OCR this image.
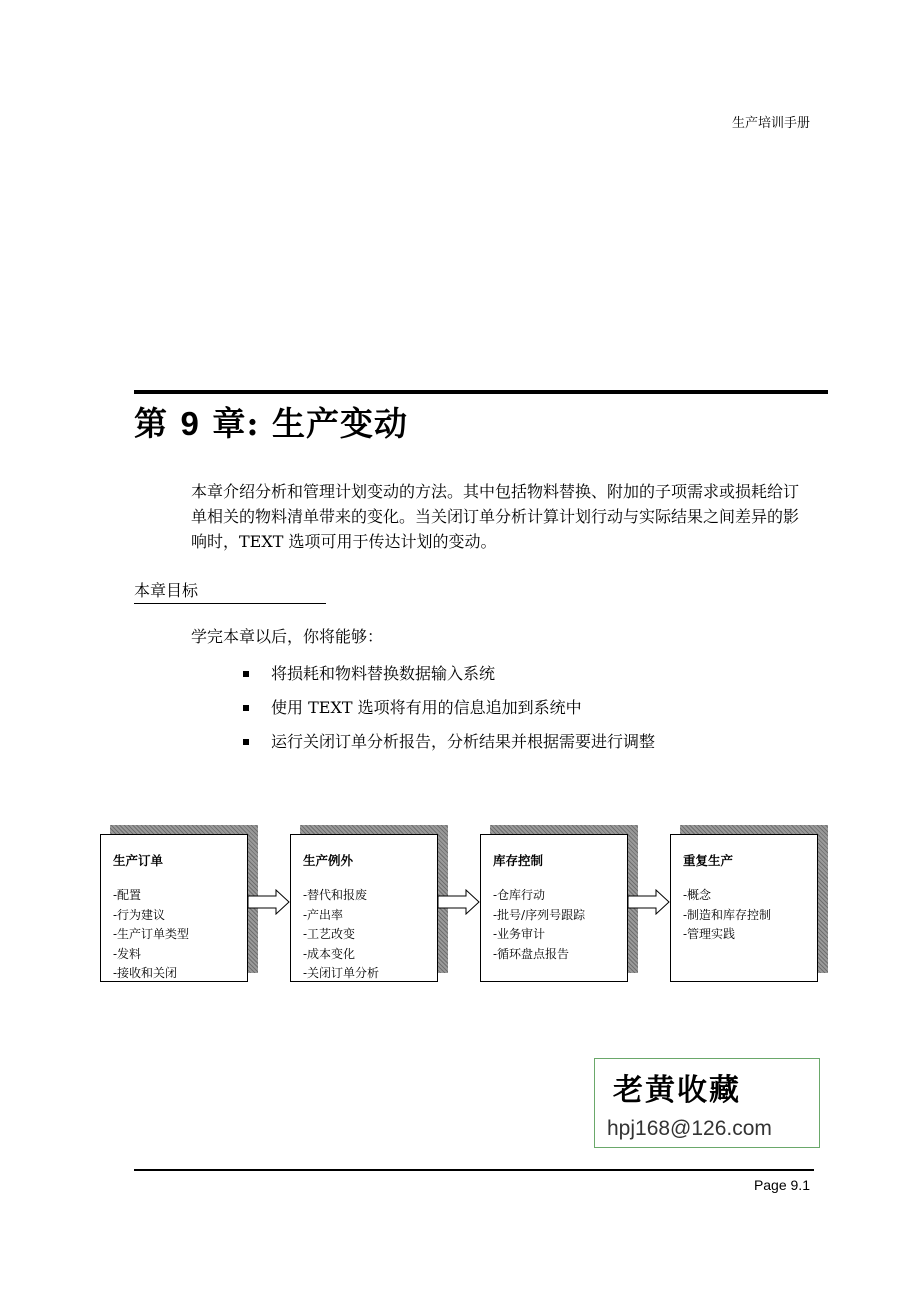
生产培训手册
第 9 章: 生产变动
本章介绍分析和管理计划变动的方法。其中包括物料替换、附加的子项需求或损耗给订单相关的物料清单带来的变化。当关闭订单分析计算计划行动与实际结果之间差异的影响时，TEXT 选项可用于传达计划的变动。
本章目标
学完本章以后，你将能够：
将损耗和物料替换数据输入系统
使用 TEXT 选项将有用的信息追加到系统中
运行关闭订单分析报告，分析结果并根据需要进行调整
生产订单
-配置
-行为建议
-生产订单类型
-发料
-接收和关闭
生产例外
-替代和报废
-产出率
-工艺改变
-成本变化
-关闭订单分析
库存控制
-仓库行动
-批号/序列号跟踪
-业务审计
-循环盘点报告
重复生产
-概念
-制造和库存控制
-管理实践
老黄收藏
hpj168@126.com
Page 9.1
